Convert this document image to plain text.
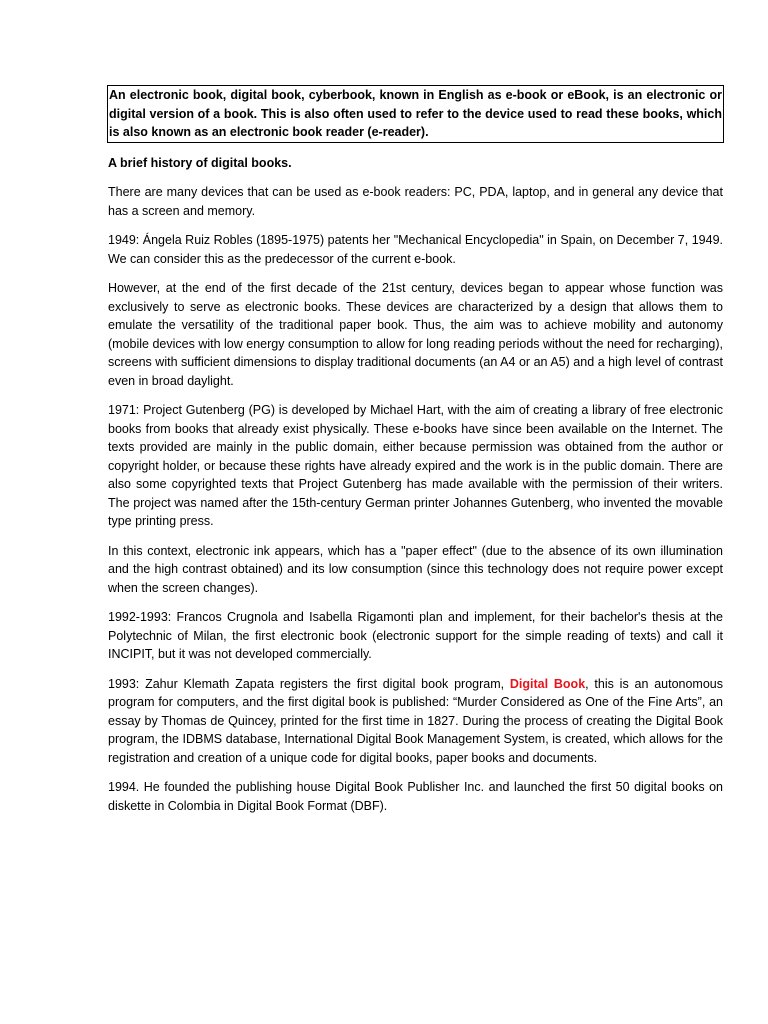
An electronic book, digital book, cyberbook, known in English as e-book or eBook, is an electronic or digital version of a book. This is also often used to refer to the device used to read these books, which is also known as an electronic book reader (e-reader).
A brief history of digital books.

There are many devices that can be used as e-book readers: PC, PDA, laptop, and in general any device that has a screen and memory.

1949: Ángela Ruiz Robles (1895-1975) patents her "Mechanical Encyclopedia" in Spain, on December 7, 1949. We can consider this as the predecessor of the current e-book.

However, at the end of the first decade of the 21st century, devices began to appear whose function was exclusively to serve as electronic books. These devices are characterized by a design that allows them to emulate the versatility of the traditional paper book. Thus, the aim was to achieve mobility and autonomy (mobile devices with low energy consumption to allow for long reading periods without the need for recharging), screens with sufficient dimensions to display traditional documents (an A4 or an A5) and a high level of contrast even in broad daylight.

1971: Project Gutenberg (PG) is developed by Michael Hart, with the aim of creating a library of free electronic books from books that already exist physically. These e-books have since been available on the Internet. The texts provided are mainly in the public domain, either because permission was obtained from the author or copyright holder, or because these rights have already expired and the work is in the public domain. There are also some copyrighted texts that Project Gutenberg has made available with the permission of their writers. The project was named after the 15th-century German printer Johannes Gutenberg, who invented the movable type printing press.

In this context, electronic ink appears, which has a "paper effect" (due to the absence of its own illumination and the high contrast obtained) and its low consumption (since this technology does not require power except when the screen changes).

1992-1993: Francos Crugnola and Isabella Rigamonti plan and implement, for their bachelor's thesis at the Polytechnic of Milan, the first electronic book (electronic support for the simple reading of texts) and call it INCIPIT, but it was not developed commercially.

1993: Zahur Klemath Zapata registers the first digital book program, Digital Book, this is an autonomous program for computers, and the first digital book is published: “Murder Considered as One of the Fine Arts”, an essay by Thomas de Quincey, printed for the first time in 1827. During the process of creating the Digital Book program, the IDBMS database, International Digital Book Management System, is created, which allows for the registration and creation of a unique code for digital books, paper books and documents.

1994. He founded the publishing house Digital Book Publisher Inc. and launched the first 50 digital books on diskette in Colombia in Digital Book Format (DBF).
